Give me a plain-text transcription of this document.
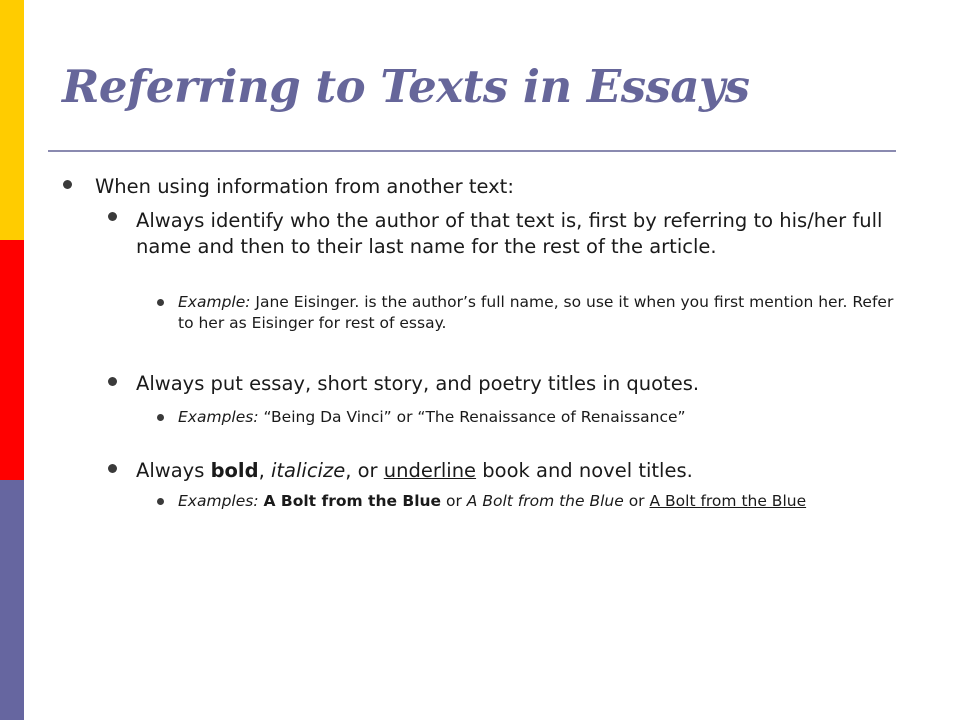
Referring to Texts in Essays
When using information from another text:
Always identify who the author of that text is, first by referring to his/her full name and then to their last name for the rest of the article.
Example: Jane Eisinger. is the author’s full name, so use it when you first mention her. Refer to her as Eisinger for rest of essay.
Always put essay, short story, and poetry titles in quotes.
Examples: “Being Da Vinci” or “The Renaissance of Renaissance”
Always bold, italicize, or underline book and novel titles.
Examples: A Bolt from the Blue or A Bolt from the Blue or A Bolt from the Blue
